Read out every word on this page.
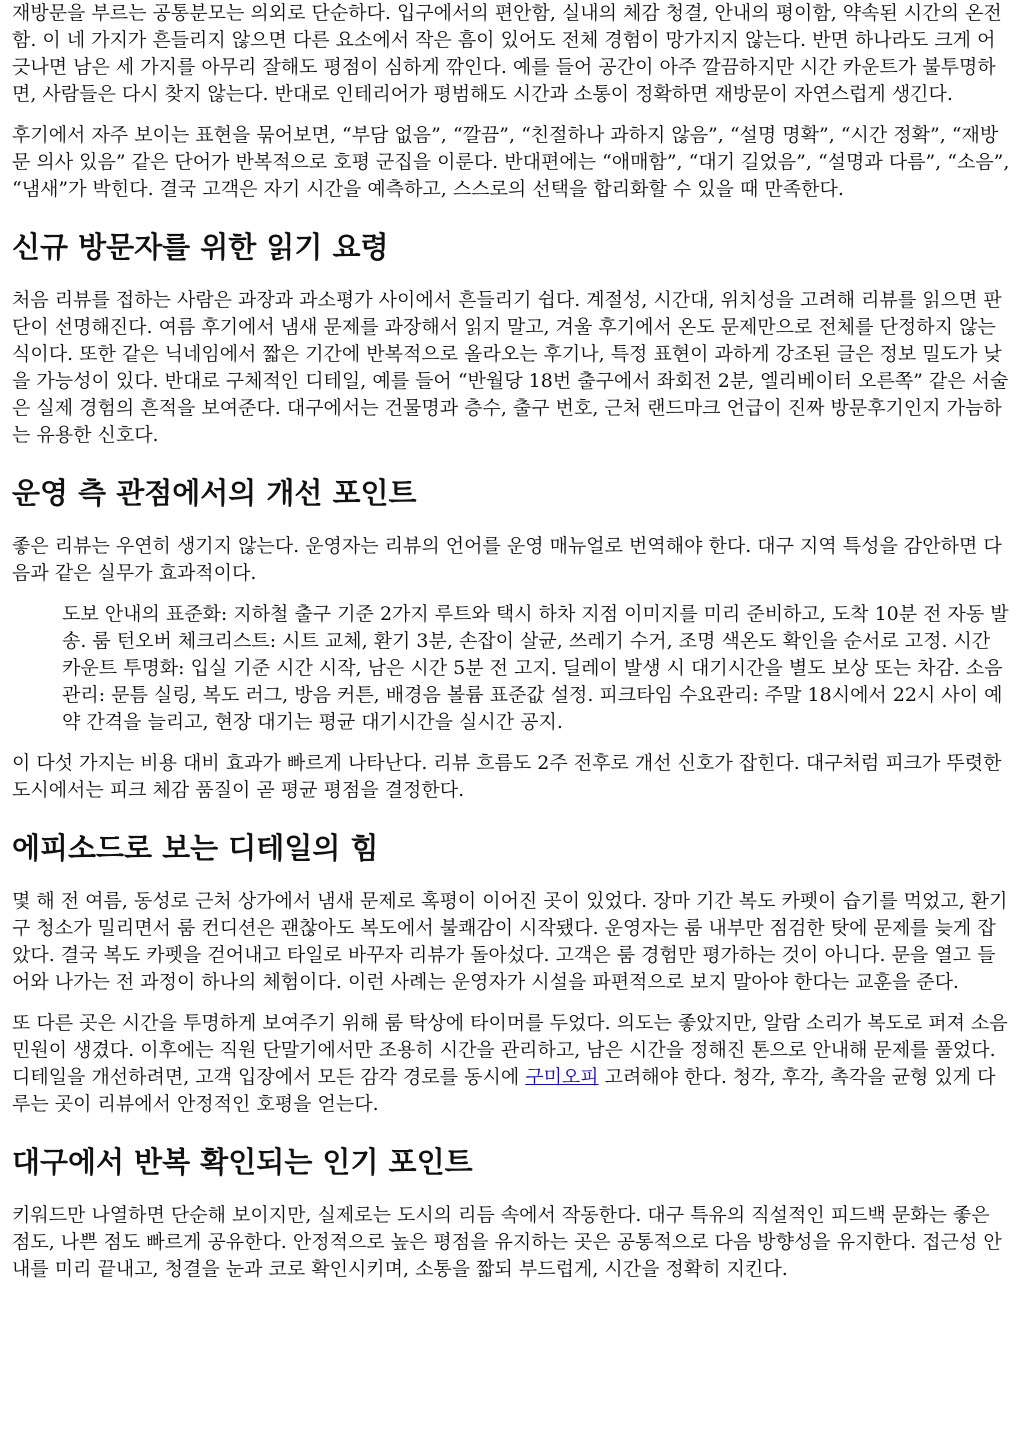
재방문을 부르는 공통분모는 의외로 단순하다. 입구에서의 편안함, 실내의 체감 청결, 안내의 평이함, 약속된 시간의 온전함. 이 네 가지가 흔들리지 않으면 다른 요소에서 작은 흠이 있어도 전체 경험이 망가지지 않는다. 반면 하나라도 크게 어긋나면 남은 세 가지를 아무리 잘해도 평점이 심하게 깎인다. 예를 들어 공간이 아주 깔끔하지만 시간 카운트가 불투명하면, 사람들은 다시 찾지 않는다. 반대로 인테리어가 평범해도 시간과 소통이 정확하면 재방문이 자연스럽게 생긴다.

후기에서 자주 보이는 표현을 묶어보면, “부담 없음”, “깔끔”, “친절하나 과하지 않음”, “설명 명확”, “시간 정확”, “재방문 의사 있음” 같은 단어가 반복적으로 호평 군집을 이룬다. 반대편에는 “애매함”, “대기 길었음”, “설명과 다름”, “소음”, “냄새”가 박힌다. 결국 고객은 자기 시간을 예측하고, 스스로의 선택을 합리화할 수 있을 때 만족한다.

신규 방문자를 위한 읽기 요령

처음 리뷰를 접하는 사람은 과장과 과소평가 사이에서 흔들리기 쉽다. 계절성, 시간대, 위치성을 고려해 리뷰를 읽으면 판단이 선명해진다. 여름 후기에서 냄새 문제를 과장해서 읽지 말고, 겨울 후기에서 온도 문제만으로 전체를 단정하지 않는 식이다. 또한 같은 닉네임에서 짧은 기간에 반복적으로 올라오는 후기나, 특정 표현이 과하게 강조된 글은 정보 밀도가 낮을 가능성이 있다. 반대로 구체적인 디테일, 예를 들어 “반월당 18번 출구에서 좌회전 2분, 엘리베이터 오른쪽” 같은 서술은 실제 경험의 흔적을 보여준다. 대구에서는 건물명과 층수, 출구 번호, 근처 랜드마크 언급이 진짜 방문후기인지 가늠하는 유용한 신호다.

운영 측 관점에서의 개선 포인트

좋은 리뷰는 우연히 생기지 않는다. 운영자는 리뷰의 언어를 운영 매뉴얼로 번역해야 한다. 대구 지역 특성을 감안하면 다음과 같은 실무가 효과적이다.

도보 안내의 표준화: 지하철 출구 기준 2가지 루트와 택시 하차 지점 이미지를 미리 준비하고, 도착 10분 전 자동 발송. 룸 턴오버 체크리스트: 시트 교체, 환기 3분, 손잡이 살균, 쓰레기 수거, 조명 색온도 확인을 순서로 고정. 시간 카운트 투명화: 입실 기준 시간 시작, 남은 시간 5분 전 고지. 딜레이 발생 시 대기시간을 별도 보상 또는 차감. 소음 관리: 문틈 실링, 복도 러그, 방음 커튼, 배경음 볼륨 표준값 설정. 피크타임 수요관리: 주말 18시에서 22시 사이 예약 간격을 늘리고, 현장 대기는 평균 대기시간을 실시간 공지.

이 다섯 가지는 비용 대비 효과가 빠르게 나타난다. 리뷰 흐름도 2주 전후로 개선 신호가 잡힌다. 대구처럼 피크가 뚜렷한 도시에서는 피크 체감 품질이 곧 평균 평점을 결정한다.

에피소드로 보는 디테일의 힘

몇 해 전 여름, 동성로 근처 상가에서 냄새 문제로 혹평이 이어진 곳이 있었다. 장마 기간 복도 카펫이 습기를 먹었고, 환기구 청소가 밀리면서 룸 컨디션은 괜찮아도 복도에서 불쾌감이 시작됐다. 운영자는 룸 내부만 점검한 탓에 문제를 늦게 잡았다. 결국 복도 카펫을 걷어내고 타일로 바꾸자 리뷰가 돌아섰다. 고객은 룸 경험만 평가하는 것이 아니다. 문을 열고 들어와 나가는 전 과정이 하나의 체험이다. 이런 사례는 운영자가 시설을 파편적으로 보지 말아야 한다는 교훈을 준다.

또 다른 곳은 시간을 투명하게 보여주기 위해 룸 탁상에 타이머를 두었다. 의도는 좋았지만, 알람 소리가 복도로 퍼져 소음 민원이 생겼다. 이후에는 직원 단말기에서만 조용히 시간을 관리하고, 남은 시간을 정해진 톤으로 안내해 문제를 풀었다. 디테일을 개선하려면, 고객 입장에서 모든 감각 경로를 동시에 구미오피 고려해야 한다. 청각, 후각, 촉각을 균형 있게 다루는 곳이 리뷰에서 안정적인 호평을 얻는다.

대구에서 반복 확인되는 인기 포인트

키워드만 나열하면 단순해 보이지만, 실제로는 도시의 리듬 속에서 작동한다. 대구 특유의 직설적인 피드백 문화는 좋은 점도, 나쁜 점도 빠르게 공유한다. 안정적으로 높은 평점을 유지하는 곳은 공통적으로 다음 방향성을 유지한다. 접근성 안내를 미리 끝내고, 청결을 눈과 코로 확인시키며, 소통을 짧되 부드럽게, 시간을 정확히 지킨다.
